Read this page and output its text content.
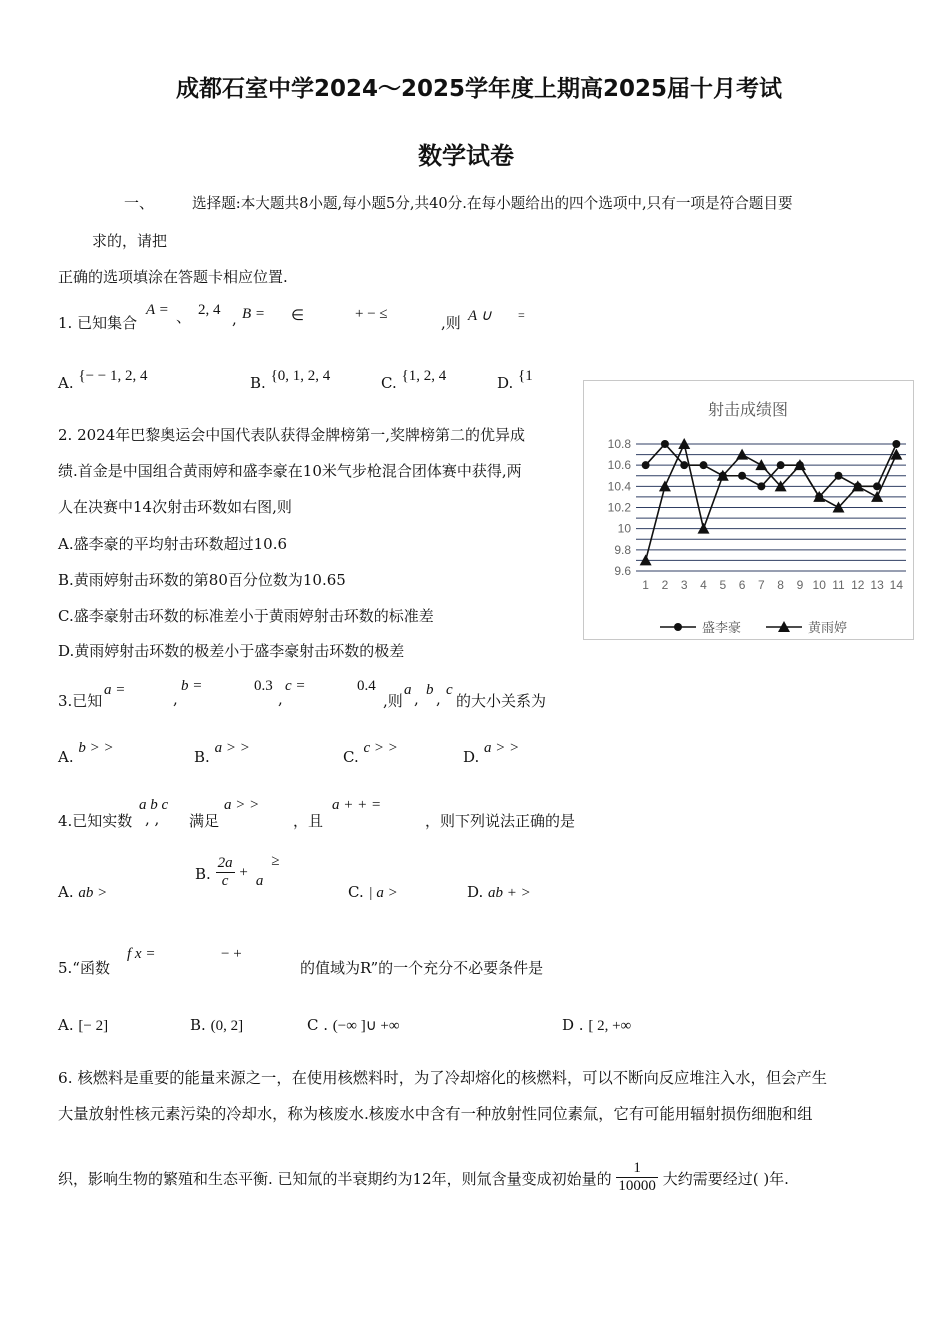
成都石室中学2024～2025学年度上期高2025届十月考试
数学试卷
一、	选择题:本大题共8小题,每小题5分,共40分.在每小题给出的四个选项中,只有一项是符合题目要
求的，请把
正确的选项填涂在答题卡相应位置.
1. 已知集合
A = 、 2, 4 , B = ∈	+ − ≤	,则 A ∪ =
A. {− − 1, 2, 4	B. {0, 1, 2, 4	C. {1, 2, 4	D. {1
2. 2024年巴黎奥运会中国代表队获得金牌榜第一,奖牌榜第二的优异成
绩.首金是中国组合黄雨婷和盛李豪在10米气步枪混合团体赛中获得,两
人在决赛中14次射击环数如右图,则
A.盛李豪的平均射击环数超过10.6
B.黄雨婷射击环数的第80百分位数为10.65
C.盛李豪射击环数的标准差小于黄雨婷射击环数的标准差
D.黄雨婷射击环数的极差小于盛李豪射击环数的极差
射击成绩图
10.8
10.6
10.4
10.2
10
9.8
9.6
1 2 3 4 5 6 7 8 9 10 11 12 13 14
盛李豪	黄雨婷
3.已知
a =	,
b =	0.3
,
c =	0.4
,则
a , b , c
的大小关系为
A. b > >	B. a > >	C. c > >	D. a > >
4.已知实数
a b c
, , 满足
a > >
，且
a + + =
，则下列说法正确的是
A. ab >
B. $\frac{2a}{c} + a$
≥
C. | a >	D. ab + >
5.“函数
f x =	− +
的值域为R”的一个充分不必要条件是
A. [− 2]	B. (0, 2]	C . (−∞ ]∪ +∞	D . [ 2, +∞
6. 核燃料是重要的能量来源之一，在使用核燃料时，为了冷却熔化的核燃料，可以不断向反应堆注入水，但会产生
大量放射性核元素污染的冷却水，称为核废水.核废水中含有一种放射性同位素氚，它有可能用辐射损伤细胞和组
织，影响生物的繁殖和生态平衡. 已知氚的半衰期约为12年，则氚含量变成初始量的 $\frac{1}{10000}$ 大约需要经过( )年.
